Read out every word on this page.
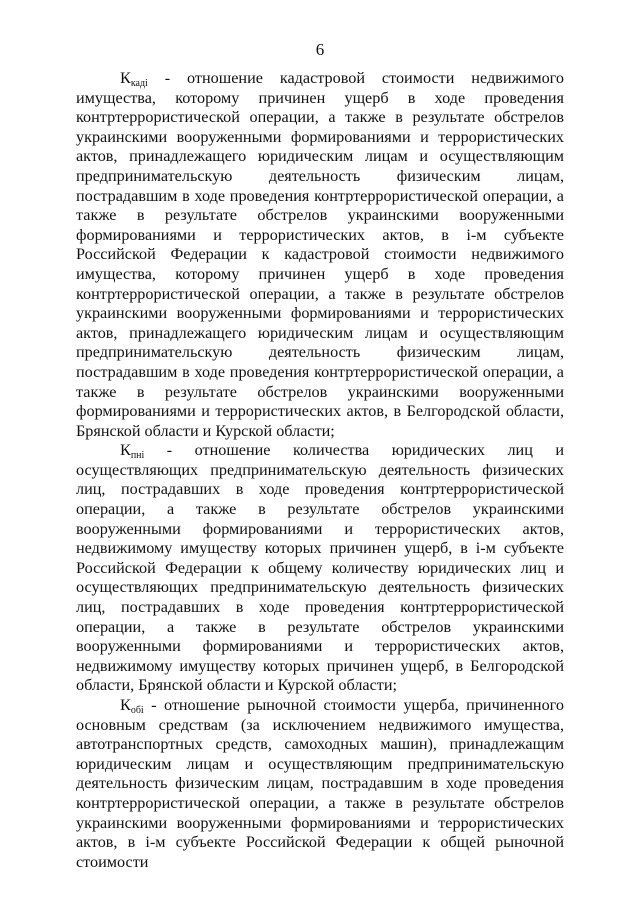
6

$К_{кадi}$ - отношение кадастровой стоимости недвижимого имущества, которому причинен ущерб в ходе проведения контртеррористической операции, а также в результате обстрелов украинскими вооруженными формированиями и террористических актов, принадлежащего юридическим лицам и осуществляющим предпринимательскую деятельность физическим лицам, пострадавшим в ходе проведения контртеррористической операции, а также в результате обстрелов украинскими вооруженными формированиями и террористических актов, в i-м субъекте Российской Федерации к кадастровой стоимости недвижимого имущества, которому причинен ущерб в ходе проведения контртеррористической операции, а также в результате обстрелов украинскими вооруженными формированиями и террористических актов, принадлежащего юридическим лицам и осуществляющим предпринимательскую деятельность физическим лицам, пострадавшим в ходе проведения контртеррористической операции, а также в результате обстрелов украинскими вооруженными формированиями и террористических актов, в Белгородской области, Брянской области и Курской области;

$К_{пнi}$ - отношение количества юридических лиц и осуществляющих предпринимательскую деятельность физических лиц, пострадавших в ходе проведения контртеррористической операции, а также в результате обстрелов украинскими вооруженными формированиями и террористических актов, недвижимому имуществу которых причинен ущерб, в i-м субъекте Российской Федерации к общему количеству юридических лиц и осуществляющих предпринимательскую деятельность физических лиц, пострадавших в ходе проведения контртеррористической операции, а также в результате обстрелов украинскими вооруженными формированиями и террористических актов, недвижимому имуществу которых причинен ущерб, в Белгородской области, Брянской области и Курской области;

$К_{обi}$ - отношение рыночной стоимости ущерба, причиненного основным средствам (за исключением недвижимого имущества, автотранспортных средств, самоходных машин), принадлежащим юридическим лицам и осуществляющим предпринимательскую деятельность физическим лицам, пострадавшим в ходе проведения контртеррористической операции, а также в результате обстрелов украинскими вооруженными формированиями и террористических актов, в i-м субъекте Российской Федерации к общей рыночной стоимости
